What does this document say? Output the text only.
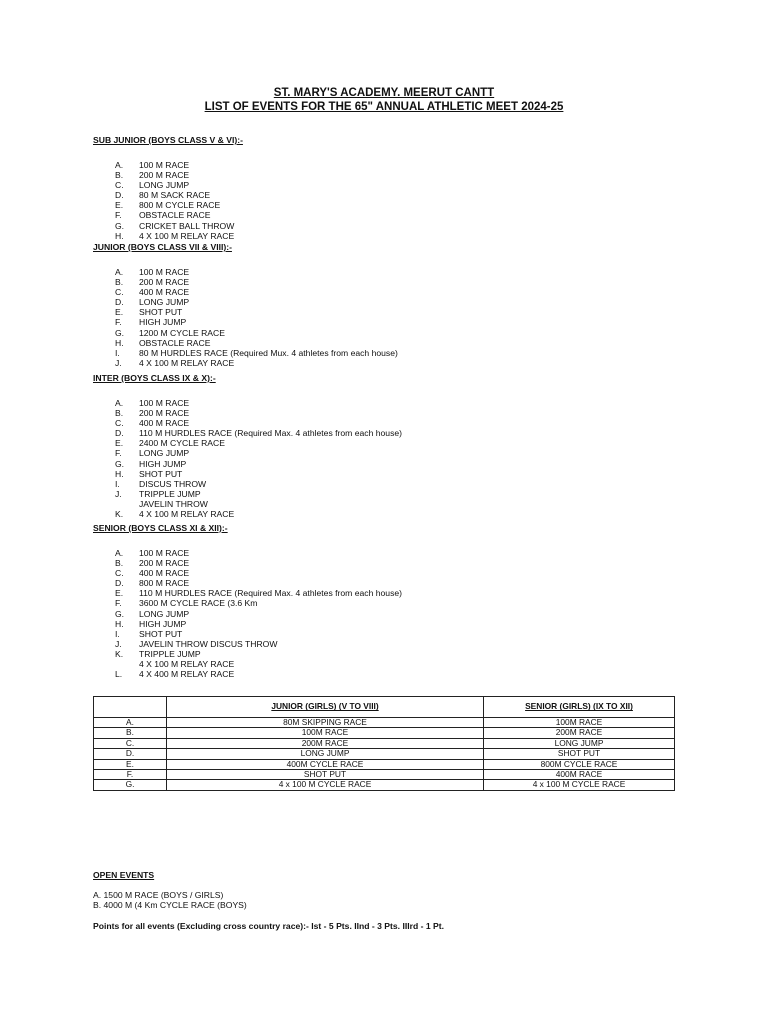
ST. MARY'S ACADEMY. MEERUT CANTT
LIST OF EVENTS FOR THE 65" ANNUAL ATHLETIC MEET 2024-25

SUB JUNIOR (BOYS CLASS V & VI):-

A. 100 M RACE
B. 200 M RACE
C. LONG JUMP
D. 80 M SACK RACE
E. 800 M CYCLE RACE
F. OBSTACLE RACE
G. CRICKET BALL THROW
H. 4 X 100 M RELAY RACE

JUNIOR (BOYS CLASS VII & VIII):-

A. 100 M RACE
B. 200 M RACE
C. 400 M RACE
D. LONG JUMP
E. SHOT PUT
F. HIGH JUMP
G. 1200 M CYCLE RACE
H. OBSTACLE RACE
I. 80 M HURDLES RACE (Required Mux. 4 athletes from each house)
J. 4 X 100 M RELAY RACE

INTER (BOYS CLASS IX & X):-

A. 100 M RACE
B. 200 M RACE
C. 400 M RACE
D. 110 M HURDLES RACE (Required Max. 4 athletes from each house)
E. 2400 M CYCLE RACE
F. LONG JUMP
G. HIGH JUMP
H. SHOT PUT
I. DISCUS THROW
J. TRIPPLE JUMP
JAVELIN THROW
K. 4 X 100 M RELAY RACE

SENIOR (BOYS CLASS XI & XII):-

A. 100 M RACE
B. 200 M RACE
C. 400 M RACE
D. 800 M RACE
E. 110 M HURDLES RACE (Required Max. 4 athletes from each house)
F. 3600 M CYCLE RACE (3.6 Km
G. LONG JUMP
H. HIGH JUMP
I. SHOT PUT
J. JAVELIN THROW DISCUS THROW
K. TRIPPLE JUMP
4 X 100 M RELAY RACE
L. 4 X 400 M RELAY RACE
	JUNIOR (GIRLS) (V TO VIII)	SENIOR (GIRLS) (IX TO XII)
A.	80M SKIPPING RACE	100M RACE
B.	100M RACE	200M RACE
C.	200M RACE	LONG JUMP
D.	LONG JUMP	SHOT PUT
E.	400M CYCLE RACE	800M CYCLE RACE
F.	SHOT PUT	400M RACE
G.	4 x 100 M CYCLE RACE	4 x 100 M CYCLE RACE

OPEN EVENTS

A. 1500 M RACE (BOYS / GIRLS)

B. 4000 M (4 Km CYCLE RACE (BOYS)

Points for all events (Excluding cross country race):- Ist - 5 Pts. IInd - 3 Pts. IIIrd - 1 Pt.
